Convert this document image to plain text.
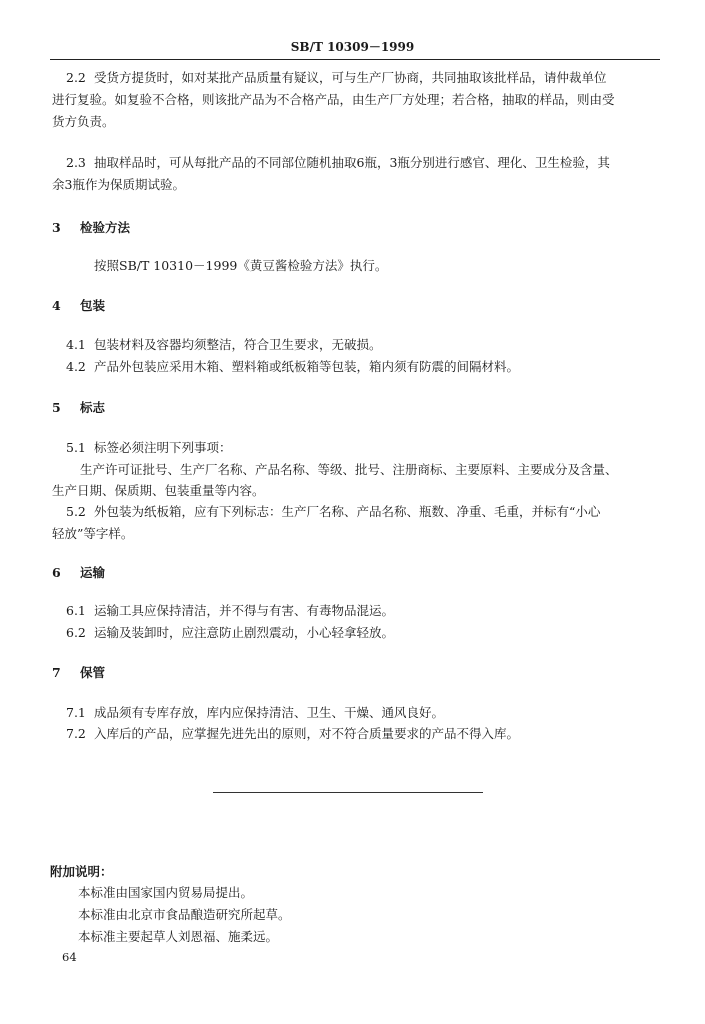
SB/T 10309－1999
2.2 受货方提货时，如对某批产品质量有疑议，可与生产厂协商，共同抽取该批样品，请仲裁单位
进行复验。如复验不合格，则该批产品为不合格产品，由生产厂方处理；若合格，抽取的样品，则由受
货方负责。
2.3 抽取样品时，可从每批产品的不同部位随机抽取6瓶，3瓶分别进行感官、理化、卫生检验，其
余3瓶作为保质期试验。
3 检验方法
按照SB/T 10310－1999《黄豆酱检验方法》执行。
4 包装
4.1 包装材料及容器均须整洁，符合卫生要求，无破损。
4.2 产品外包装应采用木箱、塑料箱或纸板箱等包装，箱内须有防震的间隔材料。
5 标志
5.1 标签必须注明下列事项：
生产许可证批号、生产厂名称、产品名称、等级、批号、注册商标、主要原料、主要成分及含量、
生产日期、保质期、包装重量等内容。
5.2 外包装为纸板箱，应有下列标志：生产厂名称、产品名称、瓶数、净重、毛重，并标有“小心
轻放”等字样。
6 运输
6.1 运输工具应保持清洁，并不得与有害、有毒物品混运。
6.2 运输及装卸时，应注意防止剧烈震动，小心轻拿轻放。
7 保管
7.1 成品须有专库存放，库内应保持清洁、卫生、干燥、通风良好。
7.2 入库后的产品，应掌握先进先出的原则，对不符合质量要求的产品不得入库。
附加说明：
本标准由国家国内贸易局提出。
本标准由北京市食品酿造研究所起草。
本标准主要起草人刘恩福、施柔远。
64
